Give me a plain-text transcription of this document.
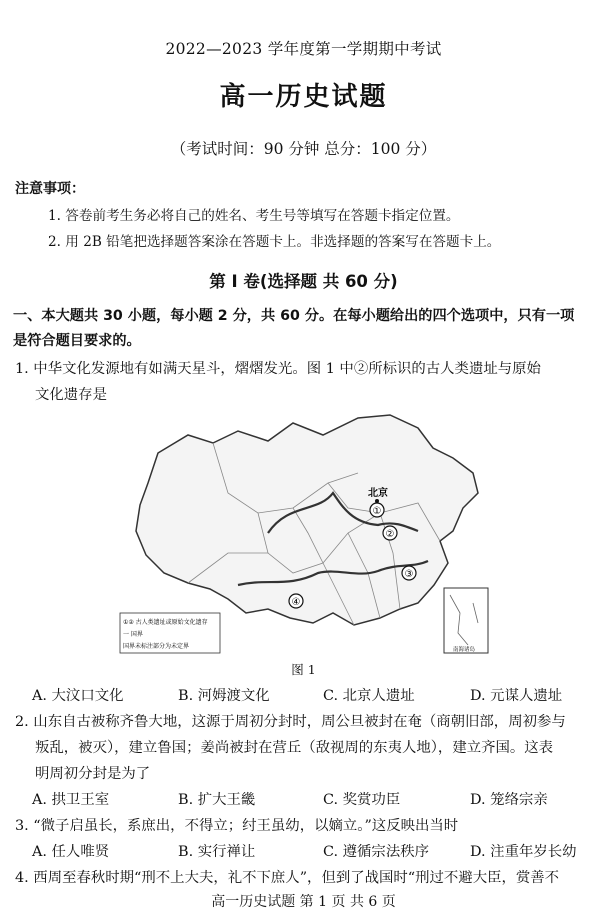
2022—2023 学年度第一学期期中考试
高一历史试题
（考试时间：90 分钟 总分：100 分）
注意事项：
1. 答卷前考生务必将自己的姓名、考生号等填写在答题卡指定位置。
2. 用 2B 铅笔把选择题答案涂在答题卡上。非选择题的答案写在答题卡上。
第 Ⅰ 卷(选择题 共 60 分)
一、本大题共 30 小题，每小题 2 分，共 60 分。在每小题给出的四个选项中，只有一项
是符合题目要求的。
1. 中华文化发源地有如满天星斗，熠熠发光。图 1 中②所标识的古人类遗址与原始
文化遗存是
①
②
③
④
北京
①② 古人类遗址或原始文化遗存
一 国界
国界未标注部分为未定界	南海诸岛
图 1
A. 大汶口文化	B. 河姆渡文化	C. 北京人遗址	D. 元谋人遗址
2. 山东自古被称齐鲁大地，这源于周初分封时，周公旦被封在奄（商朝旧部，周初参与
叛乱，被灭），建立鲁国；姜尚被封在营丘（敌视周的东夷人地），建立齐国。这表
明周初分封是为了
A. 拱卫王室	B. 扩大王畿	C. 奖赏功臣	D. 笼络宗亲
3. “微子启虽长，系庶出，不得立；纣王虽幼，以嫡立。”这反映出当时
A. 任人唯贤	B. 实行禅让	C. 遵循宗法秩序	D. 注重年岁长幼
4. 西周至春秋时期“刑不上大夫，礼不下庶人”，但到了战国时“刑过不避大臣，赏善不
高一历史试题 第 1 页 共 6 页
